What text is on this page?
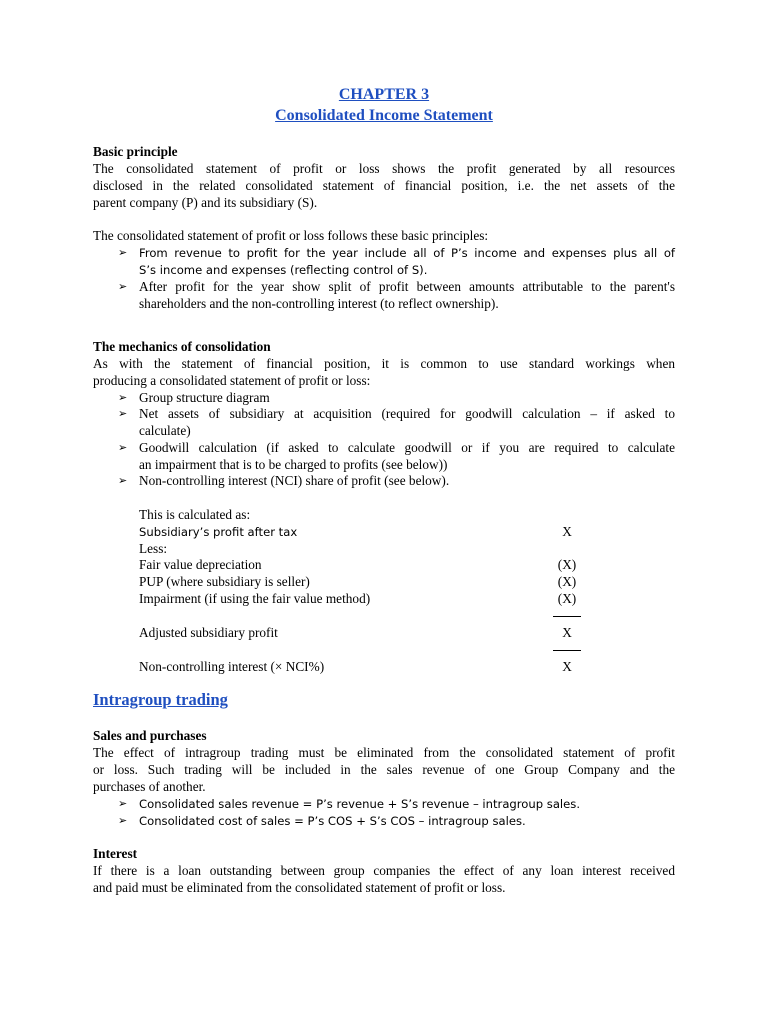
CHAPTER 3
Consolidated Income Statement
Basic principle
The consolidated statement of profit or loss shows the profit generated by all resources
disclosed in the related consolidated statement of financial position, i.e. the net assets of the
parent company (P) and its subsidiary (S).
The consolidated statement of profit or loss follows these basic principles:
➢	From revenue to profit for the year include all of P’s income and expenses plus all of
S’s income and expenses (reflecting control of S).
➢ After profit for the year show split of profit between amounts attributable to the parent's
shareholders and the non-controlling interest (to reflect ownership).
The mechanics of consolidation
As with the statement of financial position, it is common to use standard workings when
producing a consolidated statement of profit or loss:
➢ Group structure diagram
➢ Net assets of subsidiary at acquisition (required for goodwill calculation – if asked to
calculate)
➢ Goodwill calculation (if asked to calculate goodwill or if you are required to calculate
an impairment that is to be charged to profits (see below))
➢ Non-controlling interest (NCI) share of profit (see below).
This is calculated as:
Subsidiary’s profit after tax	X
Less:
Fair value depreciation	(X)
PUP (where subsidiary is seller)	(X)
Impairment (if using the fair value method)	(X)
Adjusted subsidiary profit	X
Non-controlling interest (× NCI%)	X
Intragroup trading
Sales and purchases
The effect of intragroup trading must be eliminated from the consolidated statement of profit
or loss. Such trading will be included in the sales revenue of one Group Company and the
purchases of another.
➢	Consolidated sales revenue = P’s revenue + S’s revenue – intragroup sales.
➢	Consolidated cost of sales = P’s COS + S’s COS – intragroup sales.
Interest
If there is a loan outstanding between group companies the effect of any loan interest received
and paid must be eliminated from the consolidated statement of profit or loss.
